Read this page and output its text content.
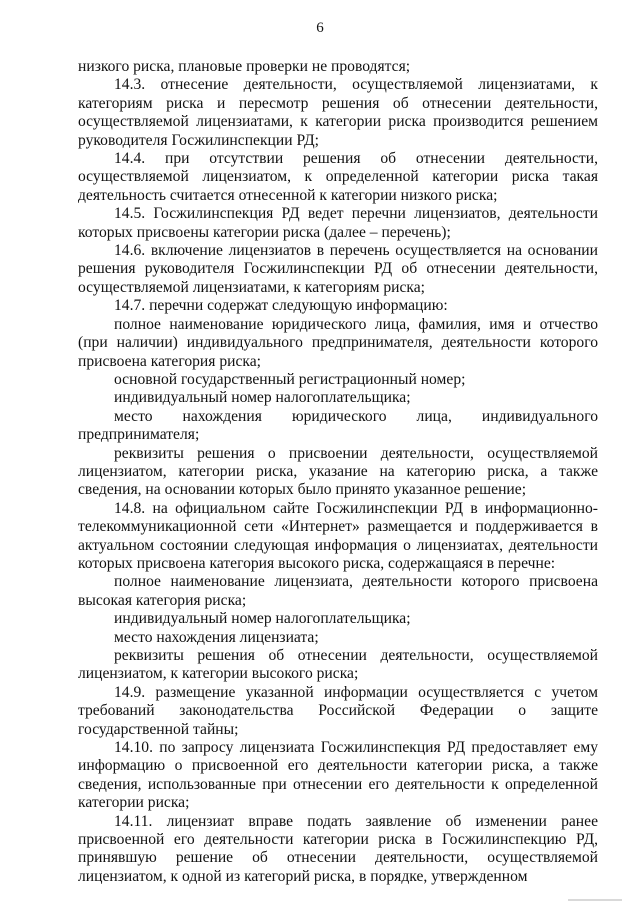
6

низкого риска, плановые проверки не проводятся;

14.3. отнесение деятельности, осуществляемой лицензиатами, к категориям риска и пересмотр решения об отнесении деятельности, осуществляемой лицензиатами, к категории риска производится решением руководителя Госжилинспекции РД;

14.4. при отсутствии решения об отнесении деятельности, осуществляемой лицензиатом, к определенной категории риска такая деятельность считается отнесенной к категории низкого риска;

14.5. Госжилинспекция РД ведет перечни лицензиатов, деятельности которых присвоены категории риска (далее – перечень);

14.6. включение лицензиатов в перечень осуществляется на основании решения руководителя Госжилинспекции РД об отнесении деятельности, осуществляемой лицензиатами, к категориям риска;

14.7. перечни содержат следующую информацию:

полное наименование юридического лица, фамилия, имя и отчество (при наличии) индивидуального предпринимателя, деятельности которого присвоена категория риска;

основной государственный регистрационный номер;

индивидуальный номер налогоплательщика;

место нахождения юридического лица, индивидуального предпринимателя;

реквизиты решения о присвоении деятельности, осуществляемой лицензиатом, категории риска, указание на категорию риска, а также сведения, на основании которых было принято указанное решение;

14.8. на официальном сайте Госжилинспекции РД в информационно-телекоммуникационной сети «Интернет» размещается и поддерживается в актуальном состоянии следующая информация о лицензиатах, деятельности которых присвоена категория высокого риска, содержащаяся в перечне:

полное наименование лицензиата, деятельности которого присвоена высокая категория риска;

индивидуальный номер налогоплательщика;

место нахождения лицензиата;

реквизиты решения об отнесении деятельности, осуществляемой лицензиатом, к категории высокого риска;

14.9. размещение указанной информации осуществляется с учетом требований законодательства Российской Федерации о защите государственной тайны;

14.10. по запросу лицензиата Госжилинспекция РД предоставляет ему информацию о присвоенной его деятельности категории риска, а также сведения, использованные при отнесении его деятельности к определенной категории риска;

14.11. лицензиат вправе подать заявление об изменении ранее присвоенной его деятельности категории риска в Госжилинспекцию РД, принявшую решение об отнесении деятельности, осуществляемой лицензиатом, к одной из категорий риска, в порядке, утвержденном
